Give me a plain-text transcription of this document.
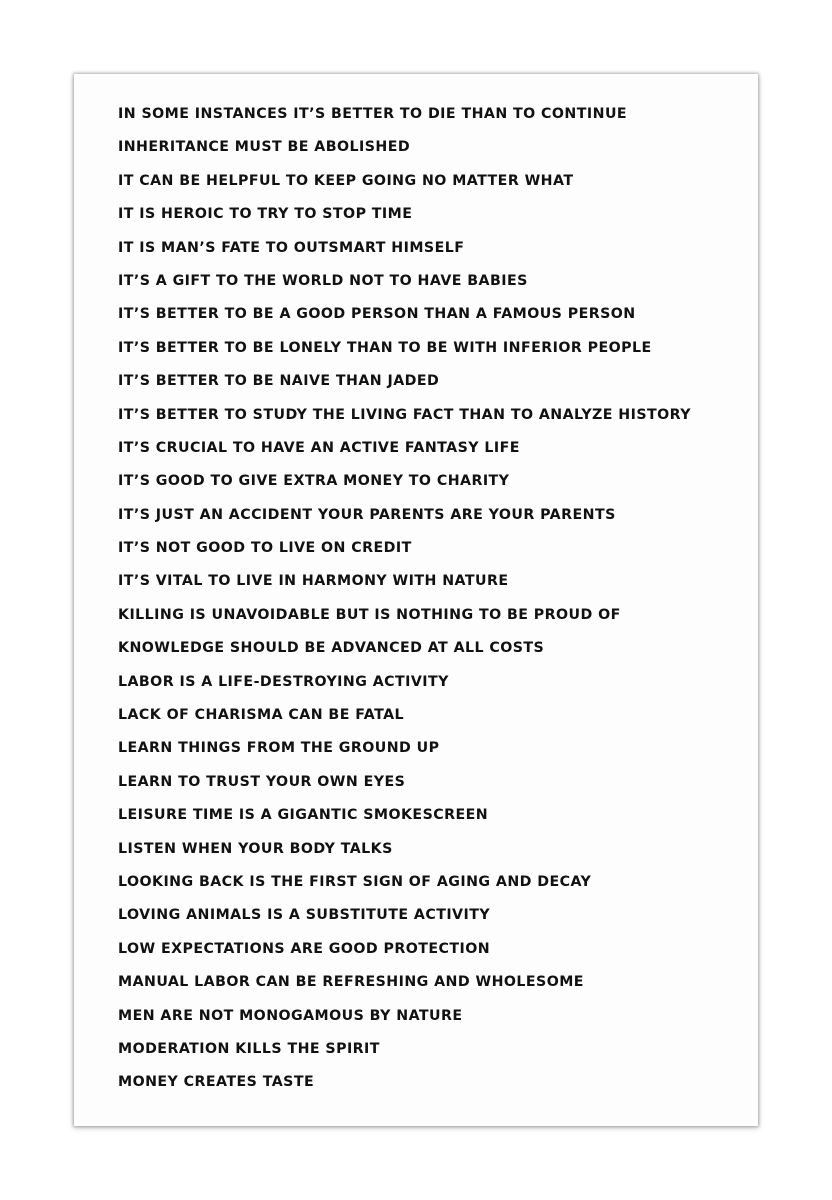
IN SOME INSTANCES IT’S BETTER TO DIE THAN TO CONTINUE
INHERITANCE MUST BE ABOLISHED
IT CAN BE HELPFUL TO KEEP GOING NO MATTER WHAT
IT IS HEROIC TO TRY TO STOP TIME
IT IS MAN’S FATE TO OUTSMART HIMSELF
IT’S A GIFT TO THE WORLD NOT TO HAVE BABIES
IT’S BETTER TO BE A GOOD PERSON THAN A FAMOUS PERSON
IT’S BETTER TO BE LONELY THAN TO BE WITH INFERIOR PEOPLE
IT’S BETTER TO BE NAIVE THAN JADED
IT’S BETTER TO STUDY THE LIVING FACT THAN TO ANALYZE HISTORY
IT’S CRUCIAL TO HAVE AN ACTIVE FANTASY LIFE
IT’S GOOD TO GIVE EXTRA MONEY TO CHARITY
IT’S JUST AN ACCIDENT YOUR PARENTS ARE YOUR PARENTS
IT’S NOT GOOD TO LIVE ON CREDIT
IT’S VITAL TO LIVE IN HARMONY WITH NATURE
KILLING IS UNAVOIDABLE BUT IS NOTHING TO BE PROUD OF
KNOWLEDGE SHOULD BE ADVANCED AT ALL COSTS
LABOR IS A LIFE-DESTROYING ACTIVITY
LACK OF CHARISMA CAN BE FATAL
LEARN THINGS FROM THE GROUND UP
LEARN TO TRUST YOUR OWN EYES
LEISURE TIME IS A GIGANTIC SMOKESCREEN
LISTEN WHEN YOUR BODY TALKS
LOOKING BACK IS THE FIRST SIGN OF AGING AND DECAY
LOVING ANIMALS IS A SUBSTITUTE ACTIVITY
LOW EXPECTATIONS ARE GOOD PROTECTION
MANUAL LABOR CAN BE REFRESHING AND WHOLESOME
MEN ARE NOT MONOGAMOUS BY NATURE
MODERATION KILLS THE SPIRIT
MONEY CREATES TASTE
